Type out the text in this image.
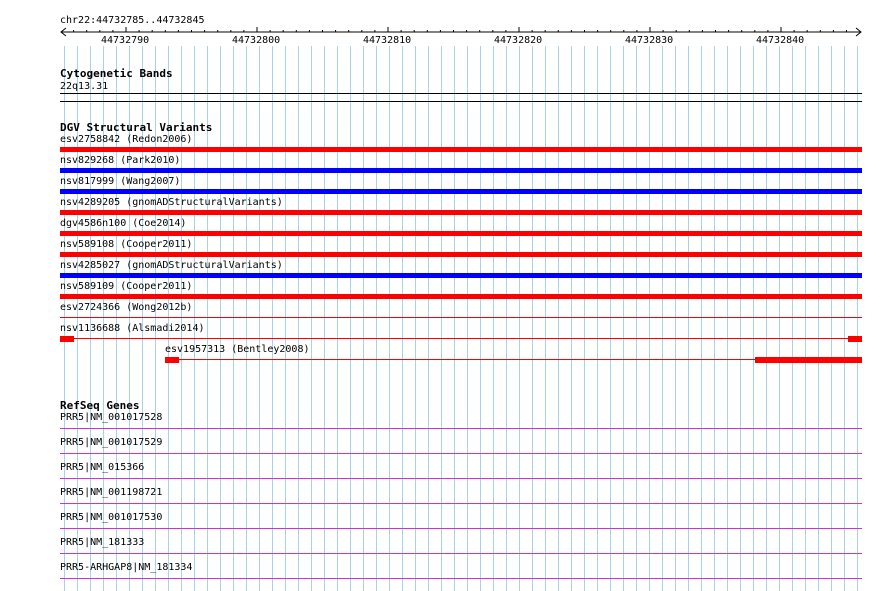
chr22:44732785..44732845
44732790	44732800	44732810	44732820	44732830	44732840
Cytogenetic Bands
22q13.31
DGV Structural Variants
esv2758842 (Redon2006)
nsv829268 (Park2010)
nsv817999 (Wang2007)
nsv4289205 (gnomADStructuralVariants)
dgv4586n100 (Coe2014)
nsv589108 (Cooper2011)
nsv4285027 (gnomADStructuralVariants)
nsv589109 (Cooper2011)
esv2724366 (Wong2012b)
nsv1136688 (Alsmadi2014)
esv1957313 (Bentley2008)
RefSeq Genes
PRR5|NM_001017528
PRR5|NM_001017529
PRR5|NM_015366
PRR5|NM_001198721
PRR5|NM_001017530
PRR5|NM_181333
PRR5-ARHGAP8|NM_181334
